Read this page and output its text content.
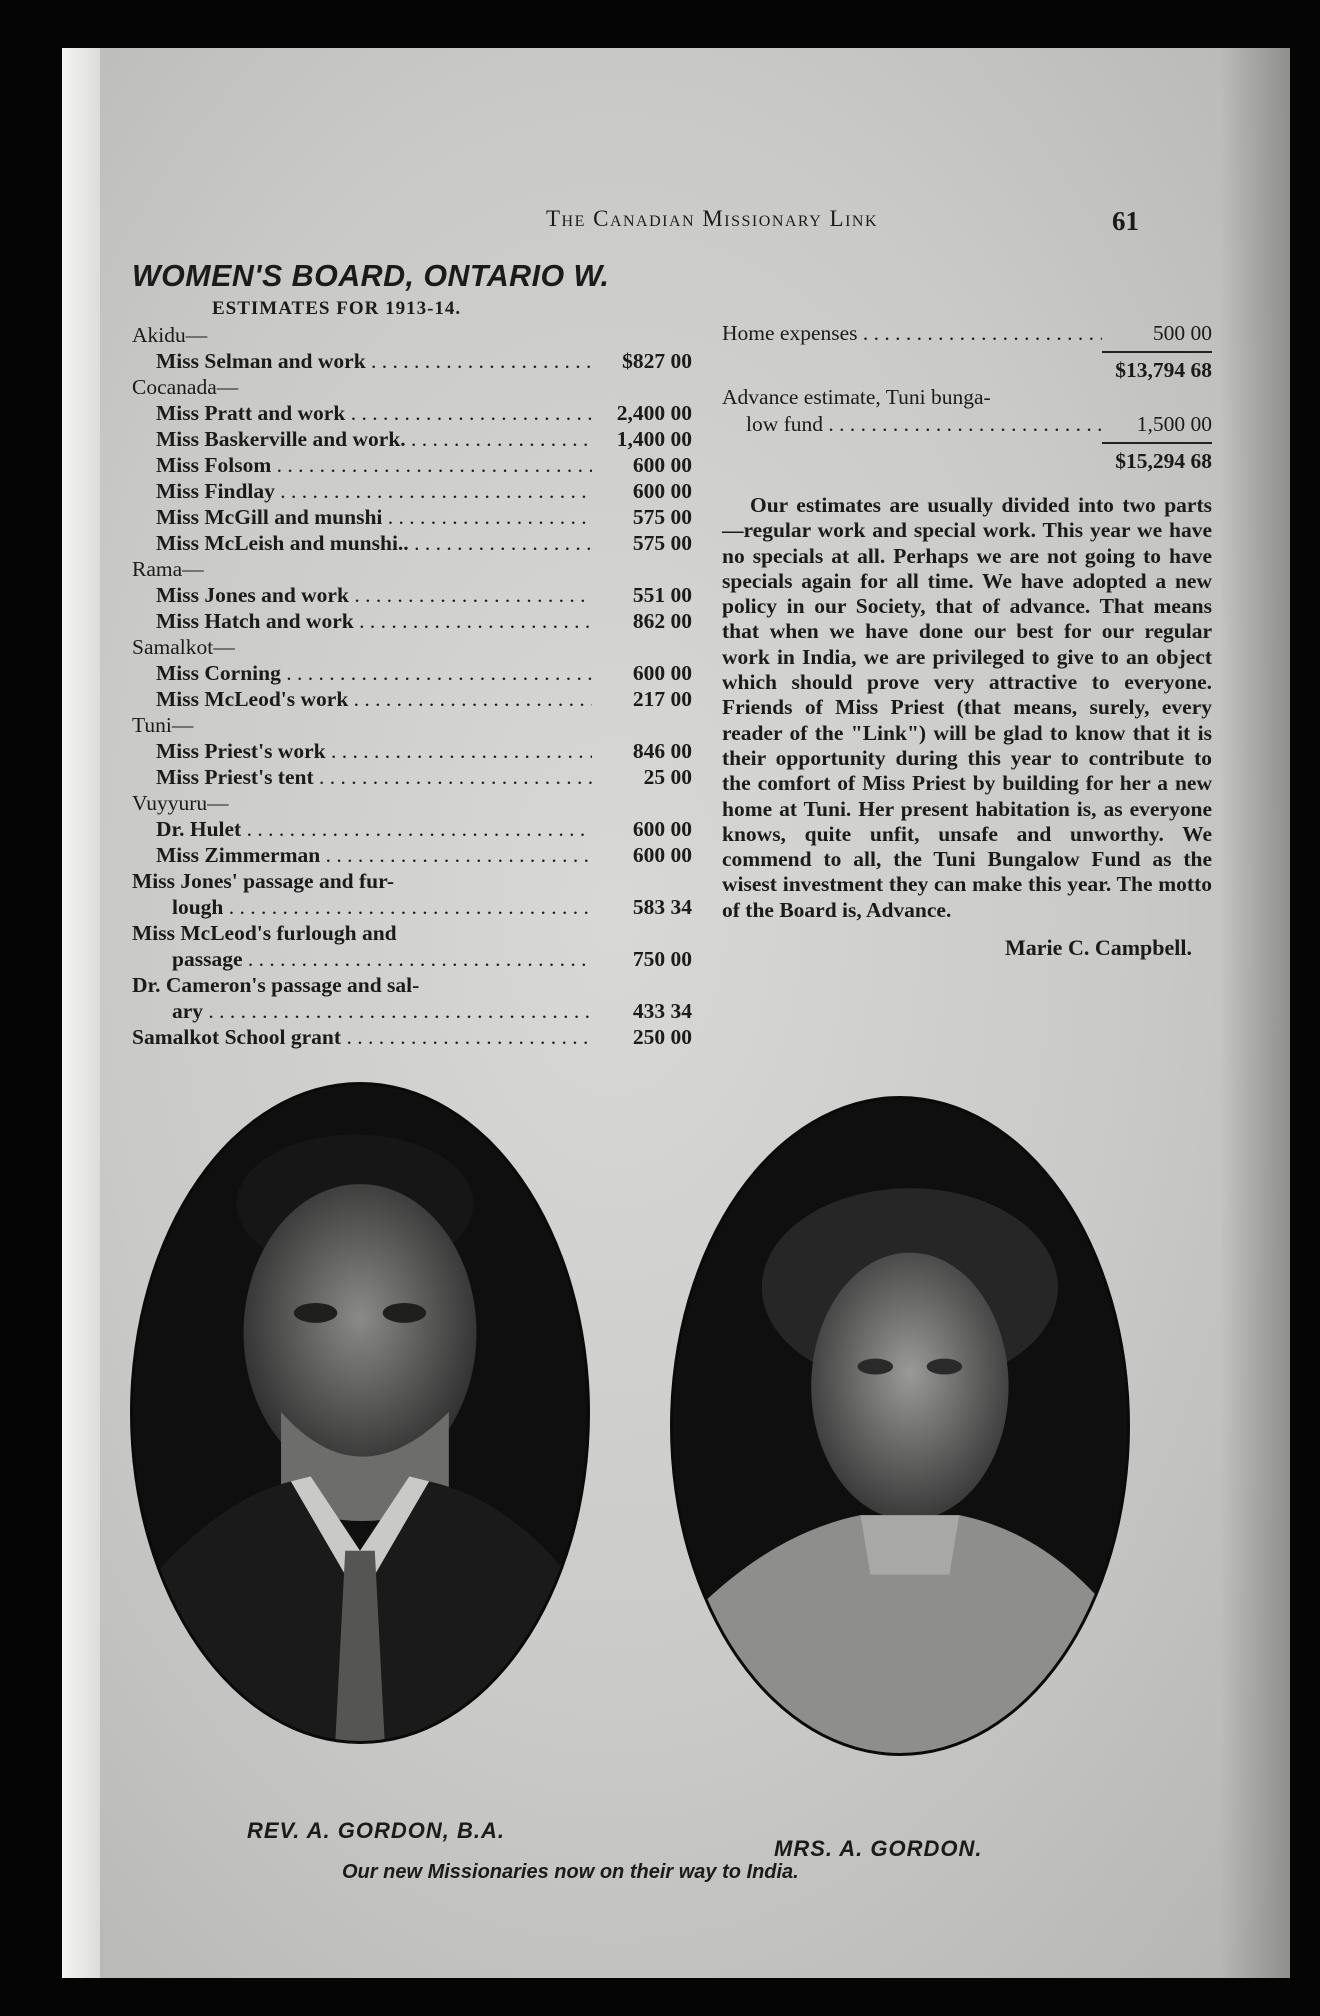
The Canadian Missionary Link	61
WOMEN'S BOARD, ONTARIO W.
ESTIMATES FOR 1913-14.
Akidu—
Miss Selman and work . . .	$827 00
Cocanada—
Miss Pratt and work . . .	2,400 00
Miss Baskerville and work. . . .	1,400 00
Miss Folsom . . .	600 00
Miss Findlay . . .	600 00
Miss McGill and munshi . . .	575 00
Miss McLeish and munshi.. . . .	575 00
Rama—
Miss Jones and work . . .	551 00
Miss Hatch and work . . .	862 00
Samalkot—
Miss Corning . . .	600 00
Miss McLeod's work . . .	217 00
Tuni—
Miss Priest's work . . .	846 00
Miss Priest's tent . . .	25 00
Vuyyuru—
Dr. Hulet . . .	600 00
Miss Zimmerman . . .	600 00
Miss Jones' passage and fur-
lough . . .	583 34
Miss McLeod's furlough and
passage . . .	750 00
Dr. Cameron's passage and sal-
ary . . .	433 34
Samalkot School grant . . .	250 00
Home expenses . . .	500 00
$13,794 68
Advance estimate, Tuni bunga-
low fund . . .	1,500 00
$15,294 68

Our estimates are usually divided into two parts—regular work and special work. This year we have no specials at all. Perhaps we are not going to have specials again for all time. We have adopted a new policy in our Society, that of advance. That means that when we have done our best for our regular work in India, we are privileged to give to an object which should prove very attractive to everyone. Friends of Miss Priest (that means, surely, every reader of the "Link") will be glad to know that it is their opportunity during this year to contribute to the comfort of Miss Priest by building for her a new home at Tuni. Her present habitation is, as everyone knows, quite unfit, unsafe and unworthy. We commend to all, the Tuni Bungalow Fund as the wisest investment they can make this year. The motto of the Board is, Advance.

Marie C. Campbell.
REV. A. GORDON, B.A.
MRS. A. GORDON.
Our new Missionaries now on their way to India.
